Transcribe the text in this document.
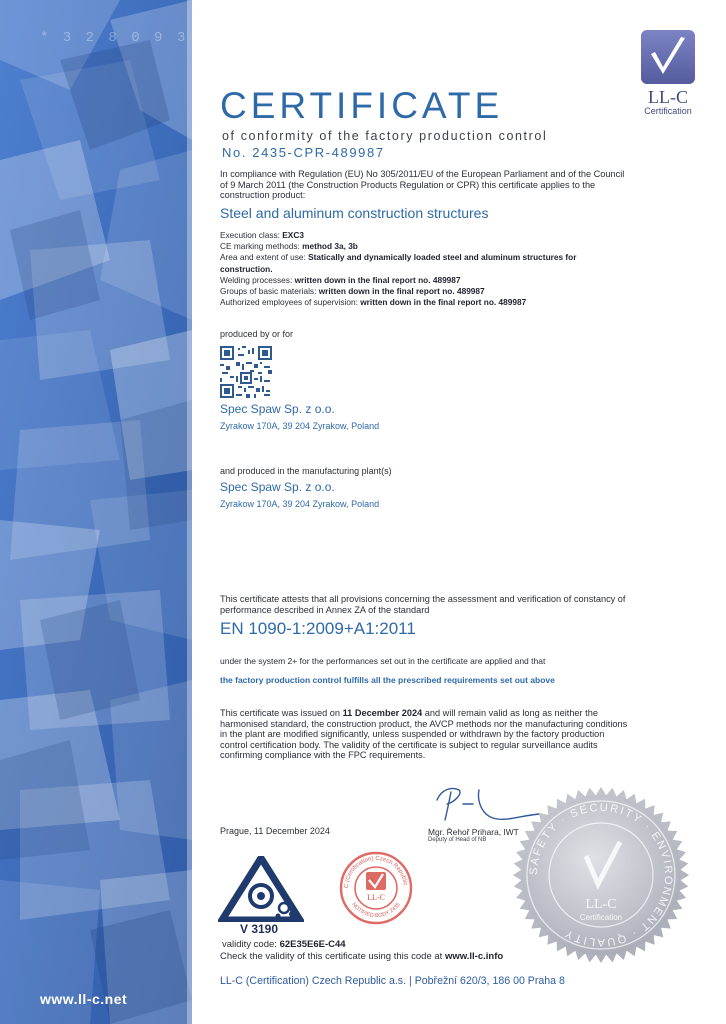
* 3 2 8 0 9 3
www.ll-c.net
LL-C
Certification
CERTIFICATE
of conformity of the factory production control
No. 2435-CPR-489987
In compliance with Regulation (EU) No 305/2011/EU of the European Parliament and of the Council of 9 March 2011 (the Construction Products Regulation or CPR) this certificate applies to the construction product:
Steel and aluminum construction structures
Execution class: EXC3
CE marking methods: method 3a, 3b
Area and extent of use: Statically and dynamically loaded steel and aluminum structures for construction.
Welding processes: written down in the final report no. 489987
Groups of basic materials: written down in the final report no. 489987
Authorized employees of supervision: written down in the final report no. 489987
produced by or for
Spec Spaw Sp. z o.o.
Zyrakow 170A, 39 204 Zyrakow, Poland
and produced in the manufacturing plant(s)
Spec Spaw Sp. z o.o.
Zyrakow 170A, 39 204 Zyrakow, Poland
This certificate attests that all provisions concerning the assessment and verification of constancy of performance described in Annex ZA of the standard
EN 1090-1:2009+A1:2011
under the system 2+ for the performances set out in the certificate are applied and that
the factory production control fulfills all the prescribed requirements set out above
This certificate was issued on 11 December 2024 and will remain valid as long as neither the harmonised standard, the construction product, the AVCP methods nor the manufacturing conditions in the plant are modified significantly, unless suspended or withdrawn by the factory production control certification body. The validity of the certificate is subject to regular surveillance audits confirming compliance with the FPC requirements.
SAFETY · SECURITY · ENVIRONMENT · QUALITY
LL-C
Certification
Prague, 11 December 2024	Mgr. Řehoř Prihara, IWT
Deputy of Head of NB
V 3190
C (Certification) Czech Republic
NOTIFIED BODY 2435
LL-C
validity code: 62E35E6E-C44
Check the validity of this certificate using this code at www.ll-c.info
LL-C (Certification) Czech Republic a.s. | Pobřežní 620/3, 186 00 Praha 8
